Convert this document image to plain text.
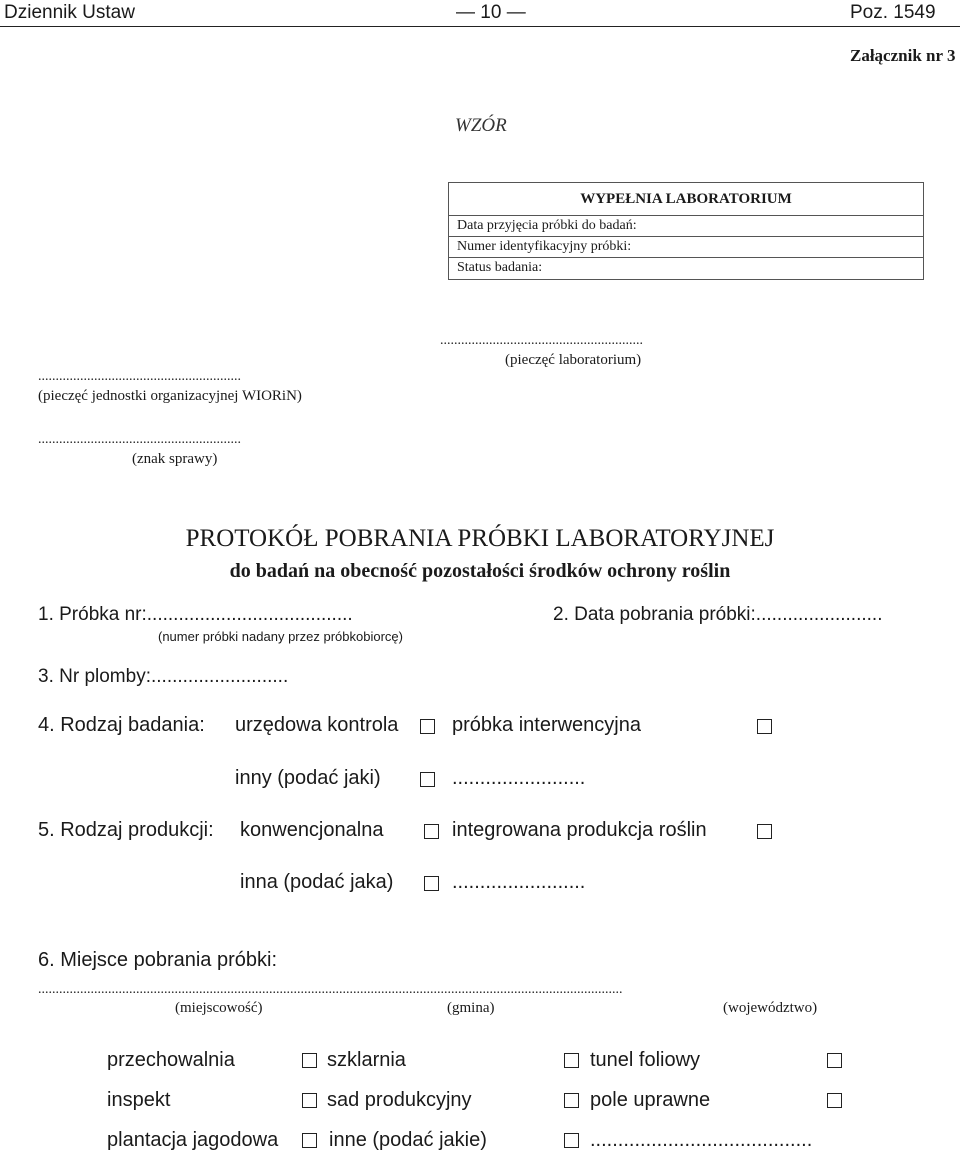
Dziennik Ustaw	— 10 —	Poz. 1549
Załącznik nr 3
WZÓR
WYPEŁNIA LABORATORIUM
Data przyjęcia próbki do badań:
Numer identyfikacyjny próbki:
Status badania:
..........................................................
(pieczęć laboratorium)
..........................................................
(pieczęć jednostki organizacyjnej WIORiN)
..........................................................
(znak sprawy)
PROTOKÓŁ POBRANIA PRÓBKI LABORATORYJNEJ
do badań na obecność pozostałości środków ochrony roślin
1. Próbka nr:.......................................
(numer próbki nadany przez próbkobiorcę)
2. Data pobrania próbki:........................
3. Nr plomby:..........................
4. Rodzaj badania: urzędowa kontrola	próbka interwencyjna
inny (podać jaki)	........................
5. Rodzaj produkcji: konwencjonalna	integrowana produkcja roślin
inna (podać jaka)	........................
6. Miejsce pobrania próbki:
.......................................................................................................................................................................
(miejscowość)	(gmina)	(województwo)
przechowalnia	szklarnia	tunel foliowy
inspekt	sad produkcyjny	pole uprawne
plantacja jagodowa	inne (podać jakie)	........................................
